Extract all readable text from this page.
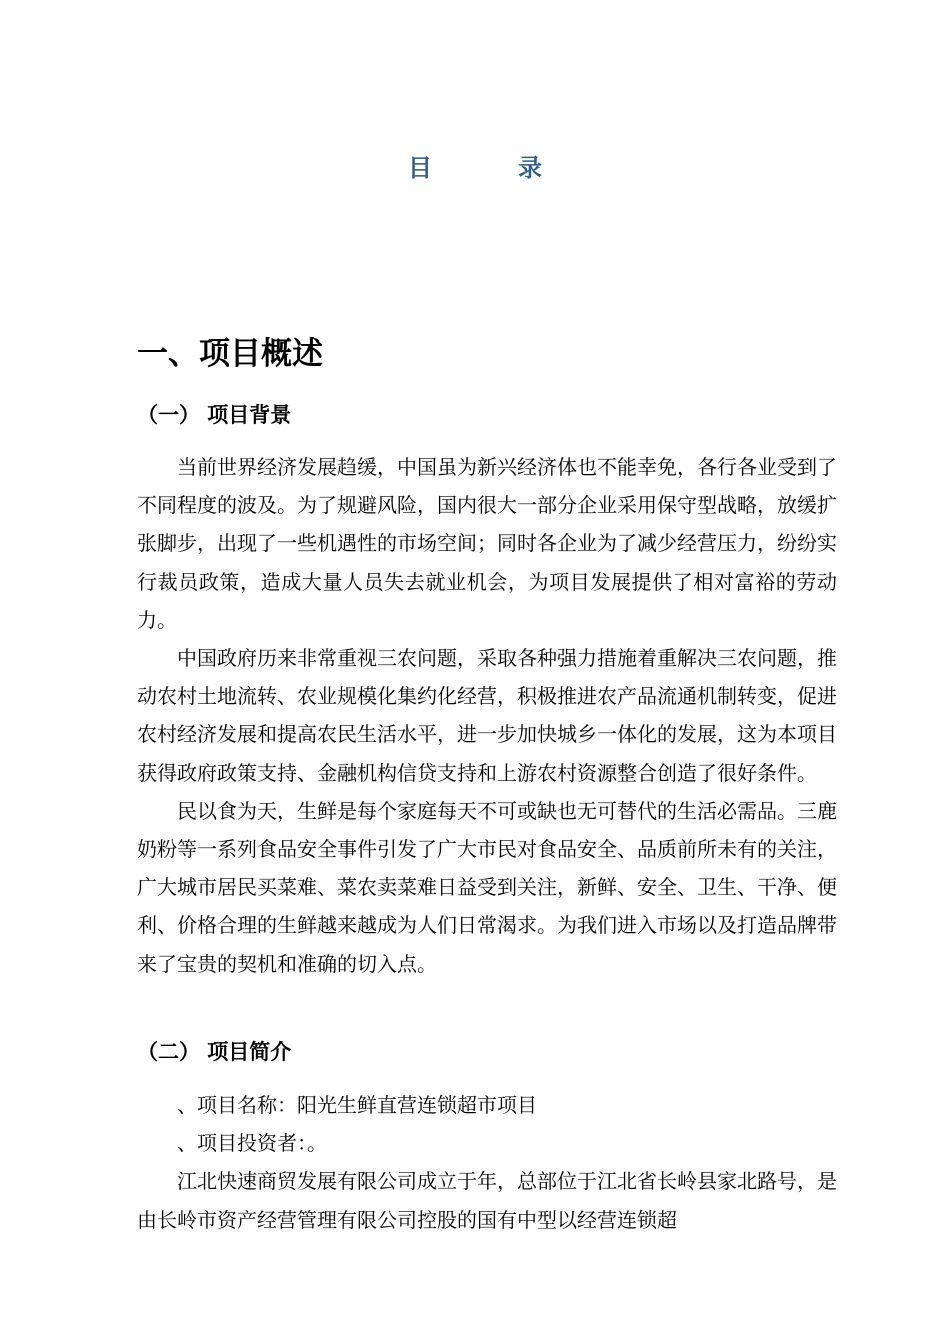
目	录
一、项目概述
（一） 项目背景

当前世界经济发展趋缓，中国虽为新兴经济体也不能幸免，各行各业受到了不同程度的波及。为了规避风险，国内很大一部分企业采用保守型战略，放缓扩张脚步，出现了一些机遇性的市场空间；同时各企业为了减少经营压力，纷纷实行裁员政策，造成大量人员失去就业机会，为项目发展提供了相对富裕的劳动力。

中国政府历来非常重视三农问题，采取各种强力措施着重解决三农问题，推动农村土地流转、农业规模化集约化经营，积极推进农产品流通机制转变，促进农村经济发展和提高农民生活水平，进一步加快城乡一体化的发展，这为本项目获得政府政策支持、金融机构信贷支持和上游农村资源整合创造了很好条件。

民以食为天，生鲜是每个家庭每天不可或缺也无可替代的生活必需品。三鹿奶粉等一系列食品安全事件引发了广大市民对食品安全、品质前所未有的关注，广大城市居民买菜难、菜农卖菜难日益受到关注，新鲜、安全、卫生、干净、便利、价格合理的生鲜越来越成为人们日常渴求。为我们进入市场以及打造品牌带来了宝贵的契机和准确的切入点。

（二） 项目简介

、项目名称：阳光生鲜直营连锁超市项目

、项目投资者：。

江北快速商贸发展有限公司成立于年，总部位于江北省长岭县家北路号，是由长岭市资产经营管理有限公司控股的国有中型以经营连锁超
